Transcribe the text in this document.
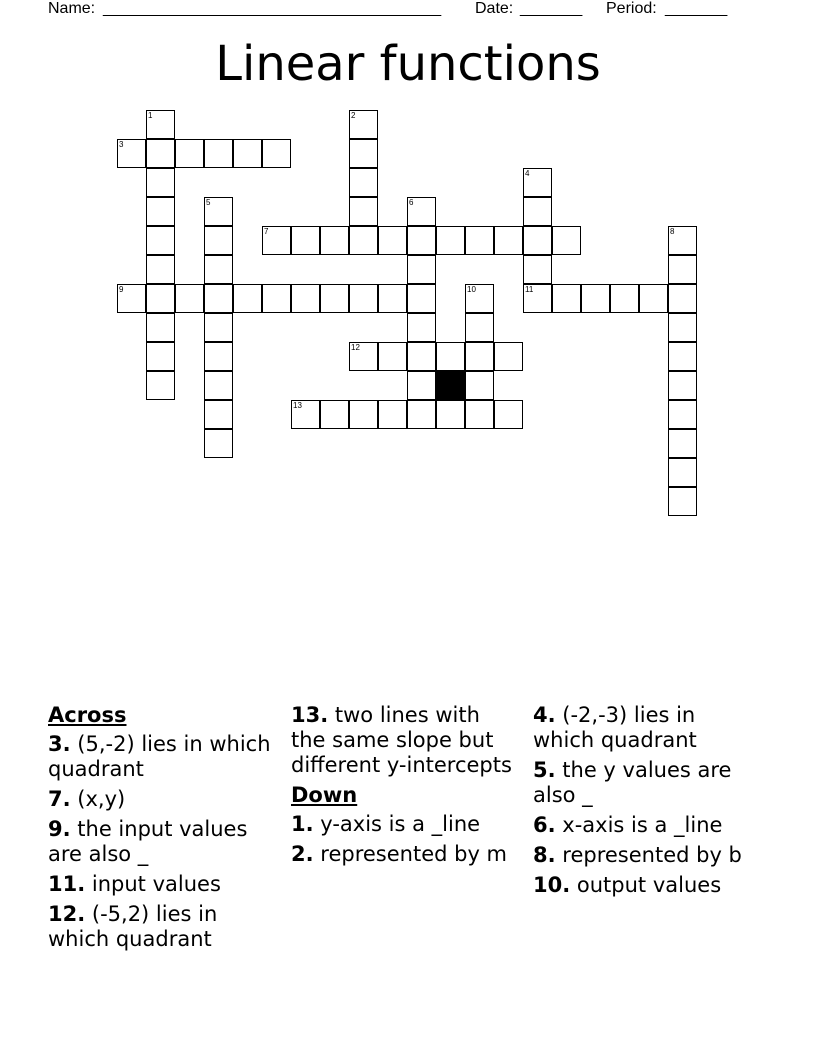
Name: ______________________________________ Date: _______ Period: _______
Linear functions
1	2
3
4
11
5	6
7	8
9	10
12
13
Across
3. (5,-2) lies in which quadrant
7. (x,y)
9. the input values are also _
11. input values
12. (-5,2) lies in which quadrant
13. two lines with the same slope but different y-intercepts
Down
1. y-axis is a _line
2. represented by m
4. (-2,-3) lies in which quadrant
5. the y values are also _
6. x-axis is a _line
8. represented by b
10. output values
